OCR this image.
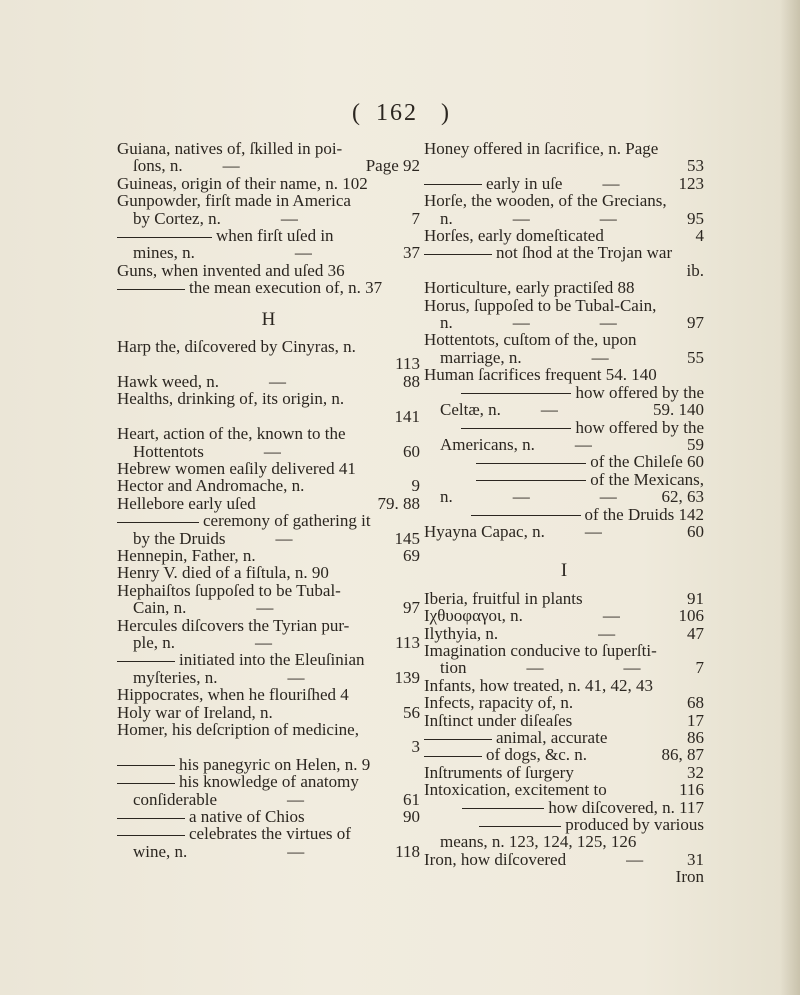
( 162 )
Guiana, natives of, ſkilled in poi-
ſons, n. —	Page 92
Guineas, origin of their name, n. 102
Gunpowder, firſt made in America
by Cortez, n.	—	7
when firſt uſed in
mines, n.	—	37
Guns, when invented and uſed 36
the mean execution of, n. 37
H
Harp the, diſcovered by Cinyras, n.
113
Hawk weed, n.	—	88
Healths, drinking of, its origin, n.
141
Heart, action of the, known to the
Hottentots	—	60
Hebrew women eaſily delivered 41
Hector and Andromache, n.	9
Hellebore early uſed	79. 88
ceremony of gathering it
by the Druids	—	145
Hennepin, Father, n.	69
Henry V. died of a fiſtula, n. 90
Hephaiſtos ſuppoſed to be Tubal-
Cain, n.	—	97
Hercules diſcovers the Tyrian pur-
ple, n.	—	113
initiated into the Eleuſinian
myſteries, n.	—	139
Hippocrates, when he flouriſhed 4
Holy war of Ireland, n.	56
Homer, his deſcription of medicine,
3
his panegyric on Helen, n. 9
his knowledge of anatomy
conſiderable	—	61
a native of Chios	90
celebrates the virtues of
wine, n.	—	118
Honey offered in ſacrifice, n. Page
53
early in uſe —	123
Horſe, the wooden, of the Grecians,
n.	—	—	95
Horſes, early domeſticated	4
not ſhod at the Trojan war
ib.
Horticulture, early practiſed 88
Horus, ſuppoſed to be Tubal-Cain,
n.	—	—	97
Hottentots, cuſtom of the, upon
marriage, n.	—	55
Human ſacrifices frequent 54. 140
how offered by the
Celtæ, n. —	59. 140
how offered by the
Americans, n. —	59
of the Chileſe 60
of the Mexicans,
n.	—	—	62, 63
of the Druids 142
Hyayna Capac, n. —	60
I
Iberia, fruitful in plants	91
Ιχθυοφαγοι, n.	—	106
Ilythyia, n.	—	47
Imagination conducive to ſuperſti-
tion	—	—	7
Infants, how treated, n. 41, 42, 43
Infects, rapacity of, n.	68
Inſtinct under diſeaſes	17
animal, accurate	86
of dogs, &c. n.	86, 87
Inſtruments of ſurgery	32
Intoxication, excitement to	116
how diſcovered, n. 117
produced by various
means, n. 123, 124, 125, 126
Iron, how diſcovered	—	31
Iron
